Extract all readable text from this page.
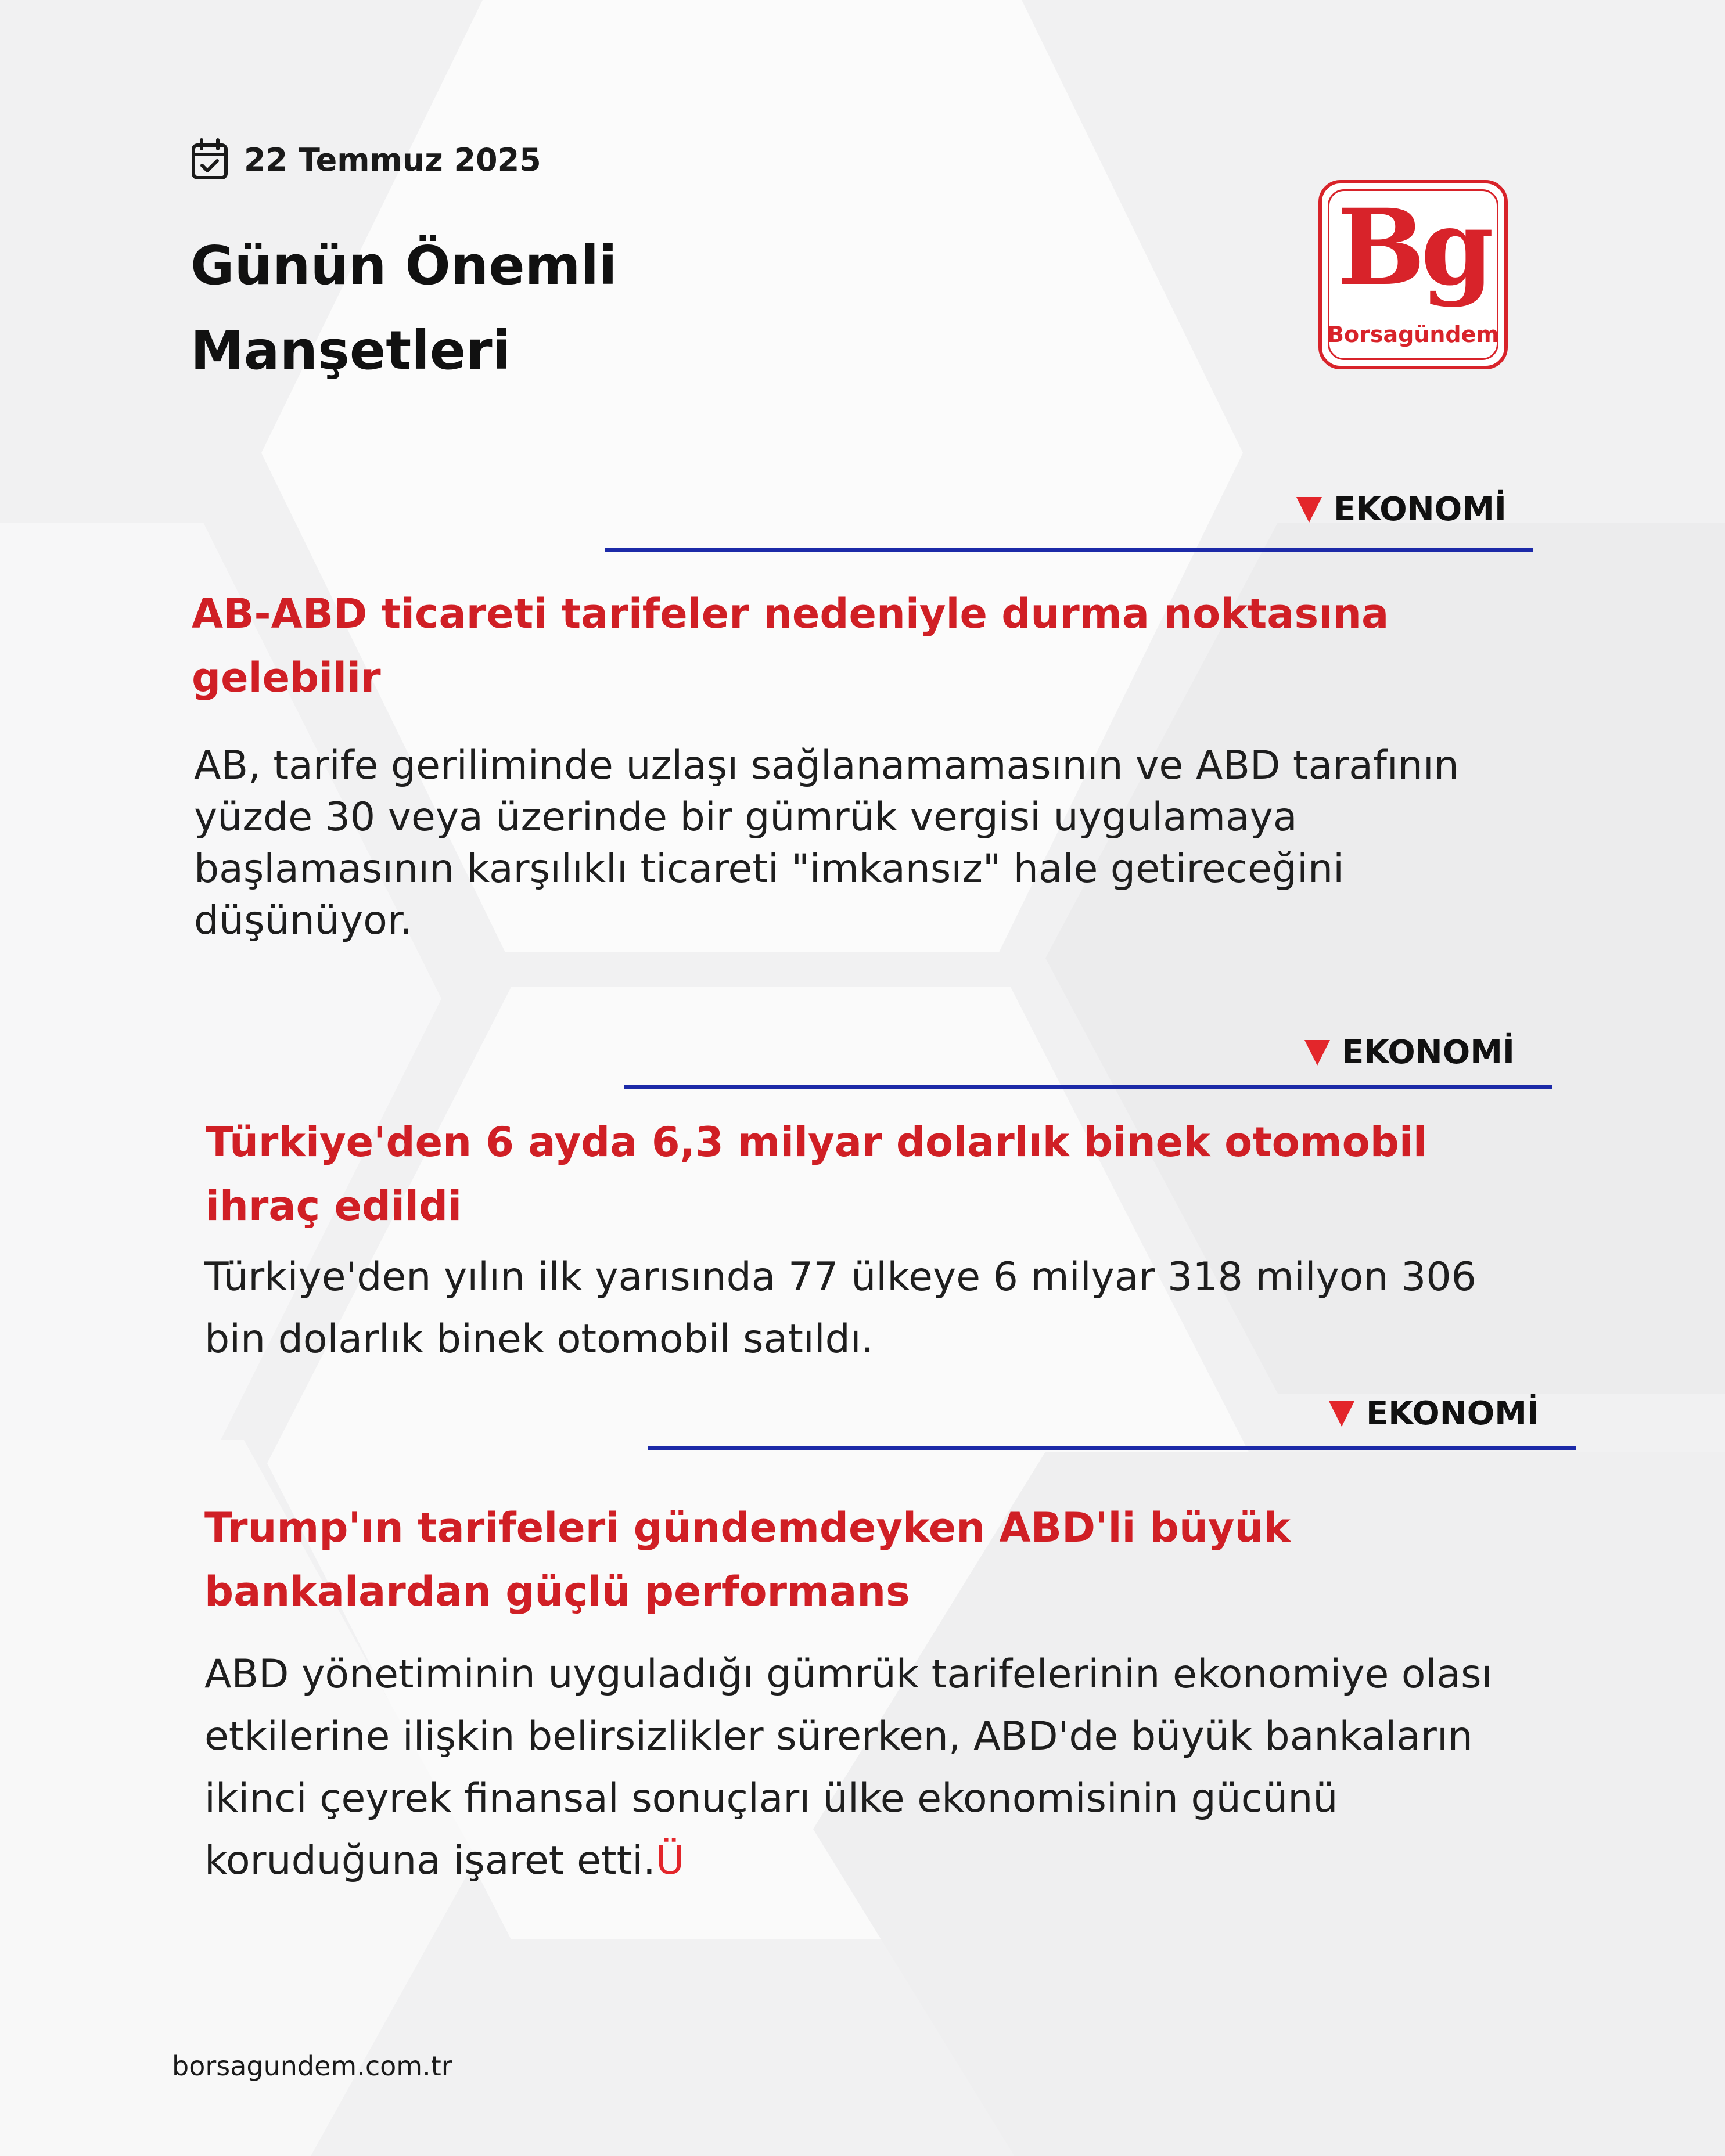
22 Temmuz 2025
Günün Önemli
Manşetleri
Bg
Borsagündem
EKONOMİ
AB-ABD ticareti tarifeler nedeniyle durma noktasına gelebilir

AB, tarife geriliminde uzlaşı sağlanamamasının ve ABD tarafının yüzde 30 veya üzerinde bir gümrük vergisi uygulamaya başlamasının karşılıklı ticareti "imkansız" hale getireceğini düşünüyor.

EKONOMİ
Türkiye'den 6 ayda 6,3 milyar dolarlık binek otomobil ihraç edildi

Türkiye'den yılın ilk yarısında 77 ülkeye 6 milyar 318 milyon 306 bin dolarlık binek otomobil satıldı.

EKONOMİ
Trump'ın tarifeleri gündemdeyken ABD'li büyük bankalardan güçlü performans

ABD yönetiminin uyguladığı gümrük tarifelerinin ekonomiye olası etkilerine ilişkin belirsizlikler sürerken, ABD'de büyük bankaların ikinci çeyrek finansal sonuçları ülke ekonomisinin gücünü koruduğuna işaret etti.Ü

borsagundem.com.tr
